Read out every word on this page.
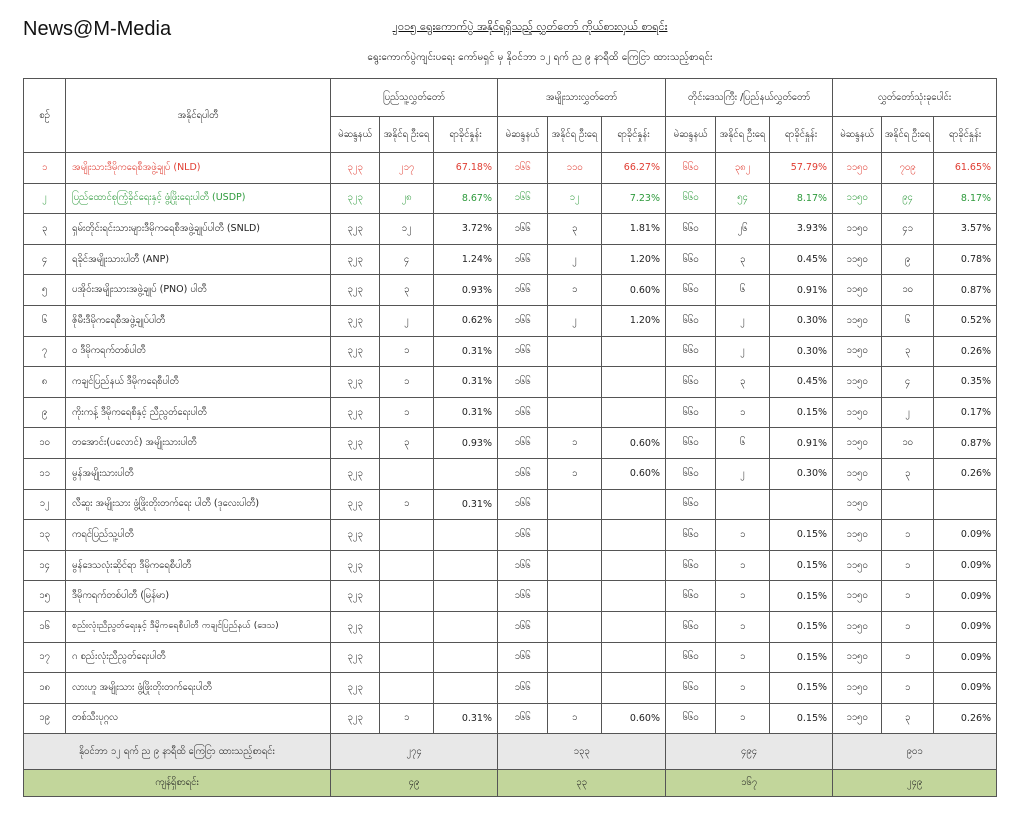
News@M-Media	၂၀၁၅ ရွေးကောက်ပွဲ အနိုင်ရရှိသည့် လွှတ်တော် ကိုယ်စားလှယ် စာရင်း
ရွေးကောက်ပွဲကျင်းပရေး ကော်မရှင် မှ နိုဝင်ဘာ ၁၂ ရက် ည ၉ နာရီထိ ကြေငြာ ထားသည့်စာရင်း
စဉ်	အနိုင်ရပါတီ	ပြည်သူ့လွှတ်တော်			အမျိုးသားလွှတ်တော်			တိုင်းဒေသကြီး /ပြည်နယ်လွှတ်တော်			လွှတ်တော်သုံးခုပေါင်း		
		မဲဆန္ဒနယ်	အနိုင်ရ ဦးရေ	ရာခိုင်နှုန်း	မဲဆန္ဒနယ်	အနိုင်ရ ဦးရေ	ရာခိုင်နှုန်း	မဲဆန္ဒနယ်	အနိုင်ရ ဦးရေ	ရာခိုင်နှုန်း	မဲဆန္ဒနယ်	အနိုင်ရ ဦးရေ	ရာခိုင်နှုန်း
၁	အမျိုးသားဒီမိုကရေစီအဖွဲ့ချုပ် (NLD)	၃၂၃	၂၁၇	67.18%	၁၆၆	၁၁၀	66.27%	၆၆၀	၃၈၂	57.79%	၁၁၅၀	၇၀၉	61.65%
၂	ပြည်ထောင်စုကြံ့ခိုင်ရေးနှင့် ဖွံ့ဖြိုးရေးပါတီ (USDP)	၃၂၃	၂၈	8.67%	၁၆၆	၁၂	7.23%	၆၆၀	၅၄	8.17%	၁၁၅၀	၉၄	8.17%
၃	ရှမ်းတိုင်းရင်းသားများဒီမိုကရေစီအဖွဲ့ချုပ်ပါတီ (SNLD)	၃၂၃	၁၂	3.72%	၁၆၆	၃	1.81%	၆၆၀	၂၆	3.93%	၁၁၅၀	၄၁	3.57%
၄	ရခိုင်အမျိုးသားပါတီ (ANP)	၃၂၃	၄	1.24%	၁၆၆	၂	1.20%	၆၆၀	၃	0.45%	၁၁၅၀	၉	0.78%
၅	ပအိုဝ်းအမျိုးသားအဖွဲ့ချုပ် (PNO) ပါတီ	၃၂၃	၃	0.93%	၁၆၆	၁	0.60%	၆၆၀	၆	0.91%	၁၁၅၀	၁၀	0.87%
၆	ဇိုမီးဒီမိုကရေစီအဖွဲ့ချုပ်ပါတီ	၃၂၃	၂	0.62%	၁၆၆	၂	1.20%	၆၆၀	၂	0.30%	၁၁၅၀	၆	0.52%
၇	ဝ ဒီမိုကရက်တစ်ပါတီ	၃၂၃	၁	0.31%	၁၆၆			၆၆၀	၂	0.30%	၁၁၅၀	၃	0.26%
၈	ကချင်ပြည်နယ် ဒီမိုကရေစီပါတီ	၃၂၃	၁	0.31%	၁၆၆			၆၆၀	၃	0.45%	၁၁၅၀	၄	0.35%
၉	ကိုးကန့် ဒီမိုကရေစီနှင့် ညီညွတ်ရေးပါတီ	၃၂၃	၁	0.31%	၁၆၆			၆၆၀	၁	0.15%	၁၁၅၀	၂	0.17%
၁၀	တအောင်း(ပလောင်) အမျိုးသားပါတီ	၃၂၃	၃	0.93%	၁၆၆	၁	0.60%	၆၆၀	၆	0.91%	၁၁၅၀	၁၀	0.87%
၁၁	မွန်အမျိုးသားပါတီ	၃၂၃			၁၆၆	၁	0.60%	၆၆၀	၂	0.30%	၁၁၅၀	၃	0.26%
၁၂	လီဆူး အမျိုးသား ဖွံ့ဖြိုးတိုးတက်ရေး ပါတီ (ဒုလေးပါတီ)	၃၂၃	၁	0.31%	၁၆၆			၆၆၀			၁၁၅၀		
၁၃	ကရင်ပြည်သူ့ပါတီ	၃၂၃			၁၆၆			၆၆၀	၁	0.15%	၁၁၅၀	၁	0.09%
၁၄	မွန်ဒေသလုံးဆိုင်ရာ ဒီမိုကရေစီပါတီ	၃၂၃			၁၆၆			၆၆၀	၁	0.15%	၁၁၅၀	၁	0.09%
၁၅	ဒီမိုကရက်တစ်ပါတီ (မြန်မာ)	၃၂၃			၁၆၆			၆၆၀	၁	0.15%	၁၁၅၀	၁	0.09%
၁၆	စည်းလုံးညီညွတ်ရေးနှင့် ဒီမိုကရေစီပါတီ ကချင်ပြည်နယ် (ဒေသ)	၃၂၃			၁၆၆			၆၆၀	၁	0.15%	၁၁၅၀	၁	0.09%
၁၇	ဂ စည်းလုံးညီညွတ်ရေးပါတီ	၃၂၃			၁၆၆			၆၆၀	၁	0.15%	၁၁၅၀	၁	0.09%
၁၈	လားဟူ အမျိုးသား ဖွံ့ဖြိုးတိုးတက်ရေးပါတီ	၃၂၃			၁၆၆			၆၆၀	၁	0.15%	၁၁၅၀	၁	0.09%
၁၉	တစ်သီးပုဂ္ဂလ	၃၂၃	၁	0.31%	၁၆၆	၁	0.60%	၆၆၀	၁	0.15%	၁၁၅၀	၃	0.26%
နိုဝင်ဘာ ၁၂ ရက် ည ၉ နာရီထိ ကြေငြာ ထားသည့်စာရင်း		၂၇၄			၁၃၃			၄၉၄			၉၀၁		
ကျန်ရှိစာရင်း		၄၉			၃၃			၁၆၇			၂၄၉		
